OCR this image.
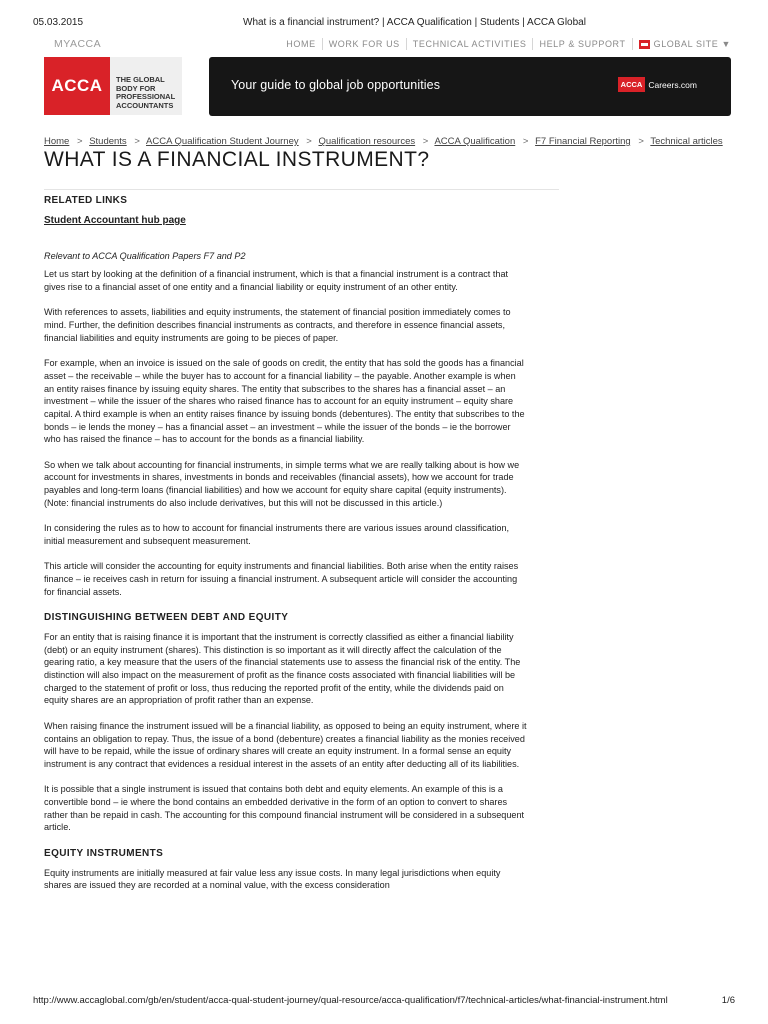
05.03.2015	What is a financial instrument? | ACCA Qualification | Students | ACCA Global
MYACCA	HOME	WORK FOR US	TECHNICAL ACTIVITIES	HELP & SUPPORT	GLOBAL SITE ▼
ACCA	THE GLOBAL
BODY FOR
PROFESSIONAL
ACCOUNTANTS
Your guide to global job opportunities	ACCA Careers.com
Home > Students > ACCA Qualification Student Journey > Qualification resources > ACCA Qualification > F7 Financial Reporting > Technical articles
WHAT IS A FINANCIAL INSTRUMENT?
RELATED LINKS
Student Accountant hub page

Relevant to ACCA Qualification Papers F7 and P2

Let us start by looking at the definition of a financial instrument, which is that a financial instrument is a contract that gives rise to a financial asset of one entity and a financial liability or equity instrument of an other entity.

With references to assets, liabilities and equity instruments, the statement of financial position immediately comes to mind. Further, the definition describes financial instruments as contracts, and therefore in essence financial assets, financial liabilities and equity instruments are going to be pieces of paper.

For example, when an invoice is issued on the sale of goods on credit, the entity that has sold the goods has a financial asset – the receivable – while the buyer has to account for a financial liability – the payable. Another example is when an entity raises finance by issuing equity shares. The entity that subscribes to the shares has a financial asset – an investment – while the issuer of the shares who raised finance has to account for an equity instrument – equity share capital. A third example is when an entity raises finance by issuing bonds (debentures). The entity that subscribes to the bonds – ie lends the money – has a financial asset – an investment – while the issuer of the bonds – ie the borrower who has raised the finance – has to account for the bonds as a financial liability.

So when we talk about accounting for financial instruments, in simple terms what we are really talking about is how we account for investments in shares, investments in bonds and receivables (financial assets), how we account for trade payables and long-term loans (financial liabilities) and how we account for equity share capital (equity instruments). (Note: financial instruments do also include derivatives, but this will not be discussed in this article.)

In considering the rules as to how to account for financial instruments there are various issues around classification, initial measurement and subsequent measurement.

This article will consider the accounting for equity instruments and financial liabilities. Both arise when the entity raises finance – ie receives cash in return for issuing a financial instrument. A subsequent article will consider the accounting for financial assets.

DISTINGUISHING BETWEEN DEBT AND EQUITY

For an entity that is raising finance it is important that the instrument is correctly classified as either a financial liability (debt) or an equity instrument (shares). This distinction is so important as it will directly affect the calculation of the gearing ratio, a key measure that the users of the financial statements use to assess the financial risk of the entity. The distinction will also impact on the measurement of profit as the finance costs associated with financial liabilities will be charged to the statement of profit or loss, thus reducing the reported profit of the entity, while the dividends paid on equity shares are an appropriation of profit rather than an expense.

When raising finance the instrument issued will be a financial liability, as opposed to being an equity instrument, where it contains an obligation to repay. Thus, the issue of a bond (debenture) creates a financial liability as the monies received will have to be repaid, while the issue of ordinary shares will create an equity instrument. In a formal sense an equity instrument is any contract that evidences a residual interest in the assets of an entity after deducting all of its liabilities.

It is possible that a single instrument is issued that contains both debt and equity elements. An example of this is a convertible bond – ie where the bond contains an embedded derivative in the form of an option to convert to shares rather than be repaid in cash. The accounting for this compound financial instrument will be considered in a subsequent article.

EQUITY INSTRUMENTS

Equity instruments are initially measured at fair value less any issue costs. In many legal jurisdictions when equity shares are issued they are recorded at a nominal value, with the excess consideration

http://www.accaglobal.com/gb/en/student/acca-qual-student-journey/qual-resource/acca-qualification/f7/technical-articles/what-financial-instrument.html	1/6
